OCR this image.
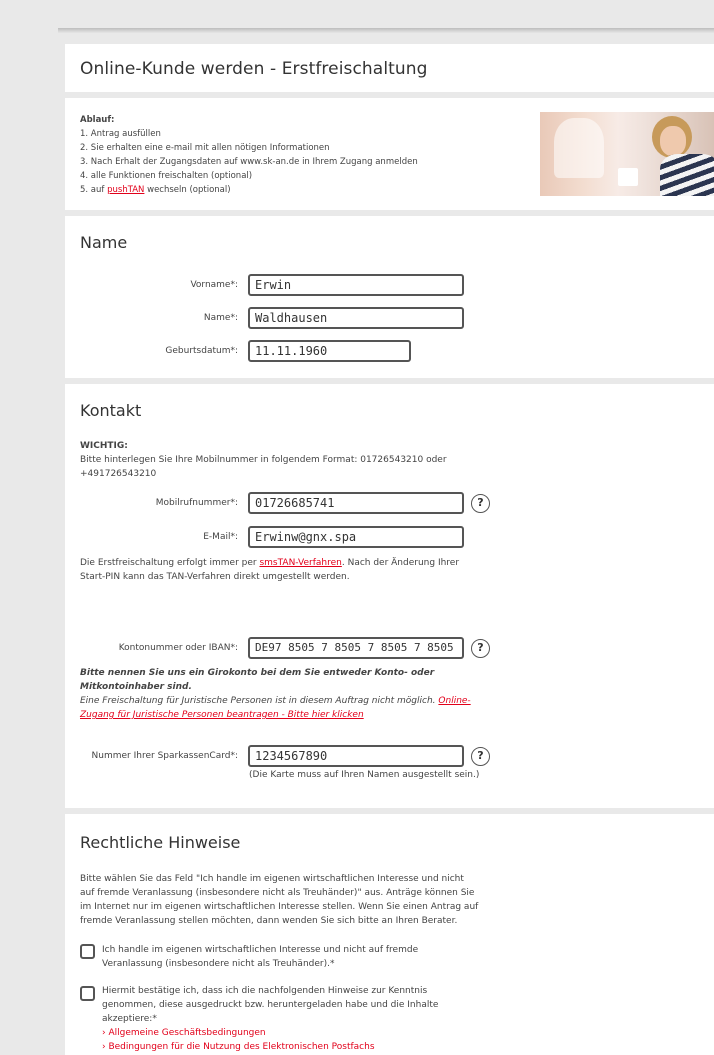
Online-Kunde werden - Erstfreischaltung
Ablauf:
1. Antrag ausfüllen
2. Sie erhalten eine e-mail mit allen nötigen Informationen
3. Nach Erhalt der Zugangsdaten auf www.sk-an.de in Ihrem Zugang anmelden
4. alle Funktionen freischalten (optional)
5. auf pushTAN wechseln (optional)
Name
Vorname*:	Erwin
Name*:	Waldhausen
Geburtsdatum*:	11.11.1960
Kontakt
WICHTIG:
Bitte hinterlegen Sie Ihre Mobilnummer in folgendem Format: 01726543210 oder
+491726543210
Mobilrufnummer*:	01726685741	?
E-Mail*:	Erwinw@gnx.spa
Die Erstfreischaltung erfolgt immer per smsTAN-Verfahren. Nach der Änderung Ihrer
Start-PIN kann das TAN-Verfahren direkt umgestellt werden.
Kontonummer oder IBAN*:	DE97 8505 7 8505 7 8505 7 8505	?
Bitte nennen Sie uns ein Girokonto bei dem Sie entweder Konto- oder
Mitkontoinhaber sind.
Eine Freischaltung für Juristische Personen ist in diesem Auftrag nicht möglich. Online-
Zugang für Juristische Personen beantragen - Bitte hier klicken
Nummer Ihrer SparkassenCard*:	1234567890	?
(Die Karte muss auf Ihren Namen ausgestellt sein.)
Rechtliche Hinweise
Bitte wählen Sie das Feld "Ich handle im eigenen wirtschaftlichen Interesse und nicht
auf fremde Veranlassung (insbesondere nicht als Treuhänder)" aus. Anträge können Sie
im Internet nur im eigenen wirtschaftlichen Interesse stellen. Wenn Sie einen Antrag auf
fremde Veranlassung stellen möchten, dann wenden Sie sich bitte an Ihren Berater.
Ich handle im eigenen wirtschaftlichen Interesse und nicht auf fremde
Veranlassung (insbesondere nicht als Treuhänder).*
Hiermit bestätige ich, dass ich die nachfolgenden Hinweise zur Kenntnis
genommen, diese ausgedruckt bzw. heruntergeladen habe und die Inhalte
akzeptiere:*
› Allgemeine Geschäftsbedingungen
› Bedingungen für die Nutzung des Elektronischen Postfachs
